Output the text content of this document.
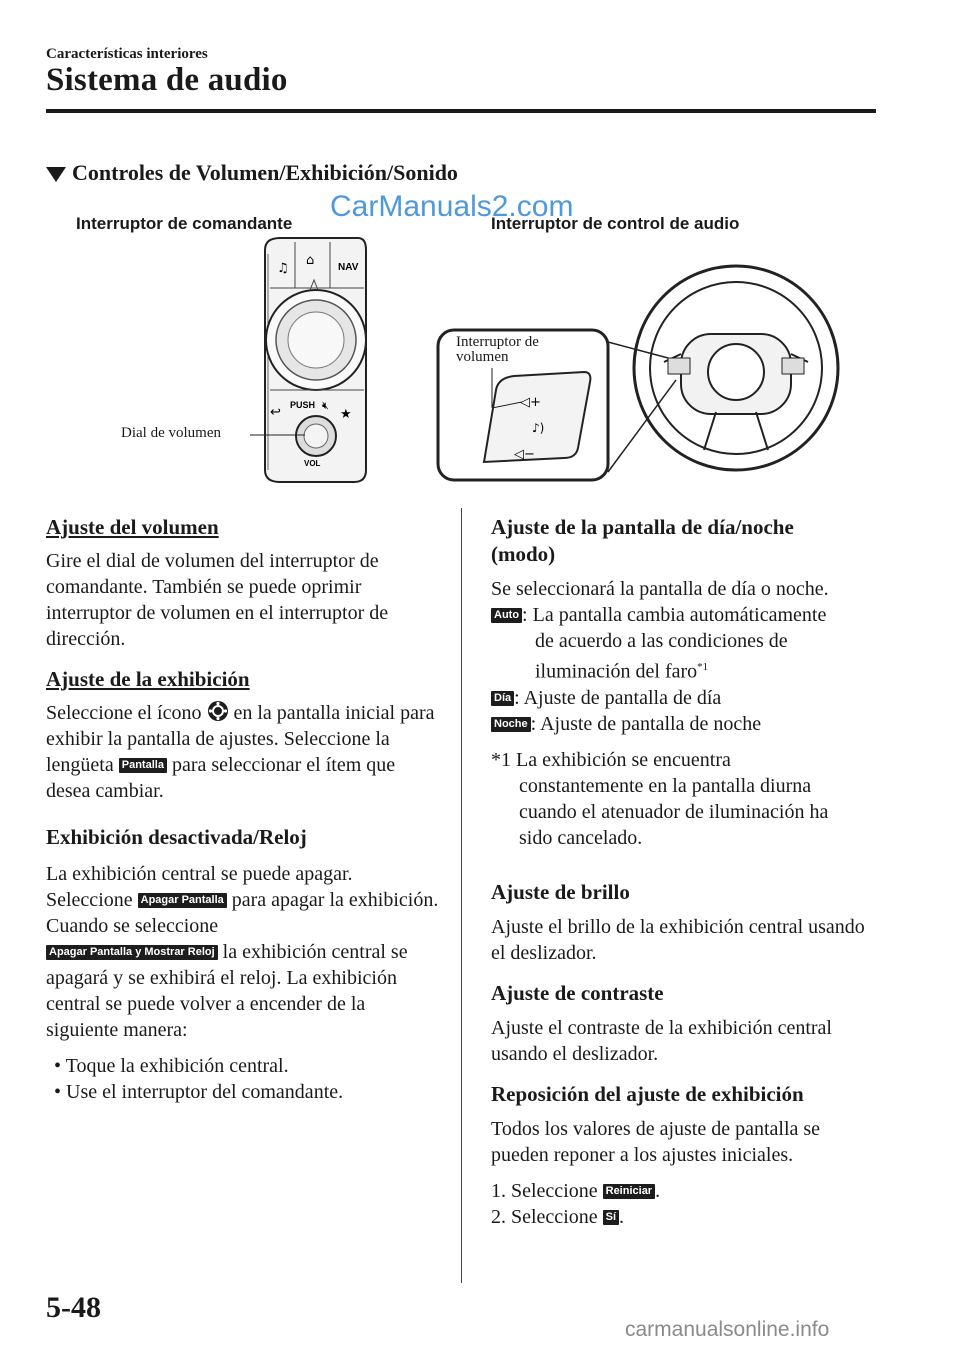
Características interiores
Sistema de audio
Controles de Volumen/Exhibición/Sonido
CarManuals2.com
Interruptor de comandante	Interruptor de control de audio
♫
⌂ NAV
PUSH 🔇︎
↩	★
VOL
Dial de volumen
◁+
♪)
◁−
Interruptor de
volumen

Ajuste del volumen

Gire el dial de volumen del interruptor de comandante. También se puede oprimir interruptor de volumen en el interruptor de dirección.

Ajuste de la exhibición

Seleccione el ícono en la pantalla inicial para exhibir la pantalla de ajustes. Seleccione la lengüeta Pantalla para seleccionar el ítem que desea cambiar.

Exhibición desactivada/Reloj

La exhibición central se puede apagar. Seleccione Apagar Pantalla para apagar la exhibición.
Cuando se seleccione
Apagar Pantalla y Mostrar Reloj la exhibición central se apagará y se exhibirá el reloj. La exhibición central se puede volver a encender de la siguiente manera:

• Toque la exhibición central.

• Use el interruptor del comandante.

Ajuste de la pantalla de día/noche

(modo)

Se seleccionará la pantalla de día o noche.

Auto : La pantalla cambia automáticamente

de acuerdo a las condiciones de

iluminación del faro$^{*1}$

Día : Ajuste de pantalla de día

Noche : Ajuste de pantalla de noche

*1 La exhibición se encuentra

constantemente en la pantalla diurna

cuando el atenuador de iluminación ha

sido cancelado.

Ajuste de brillo

Ajuste el brillo de la exhibición central usando el deslizador.

Ajuste de contraste

Ajuste el contraste de la exhibición central usando el deslizador.

Reposición del ajuste de exhibición

Todos los valores de ajuste de pantalla se pueden reponer a los ajustes iniciales.

1. Seleccione Reiniciar .

2. Seleccione Sí .

5-48
carmanualsonline.info
